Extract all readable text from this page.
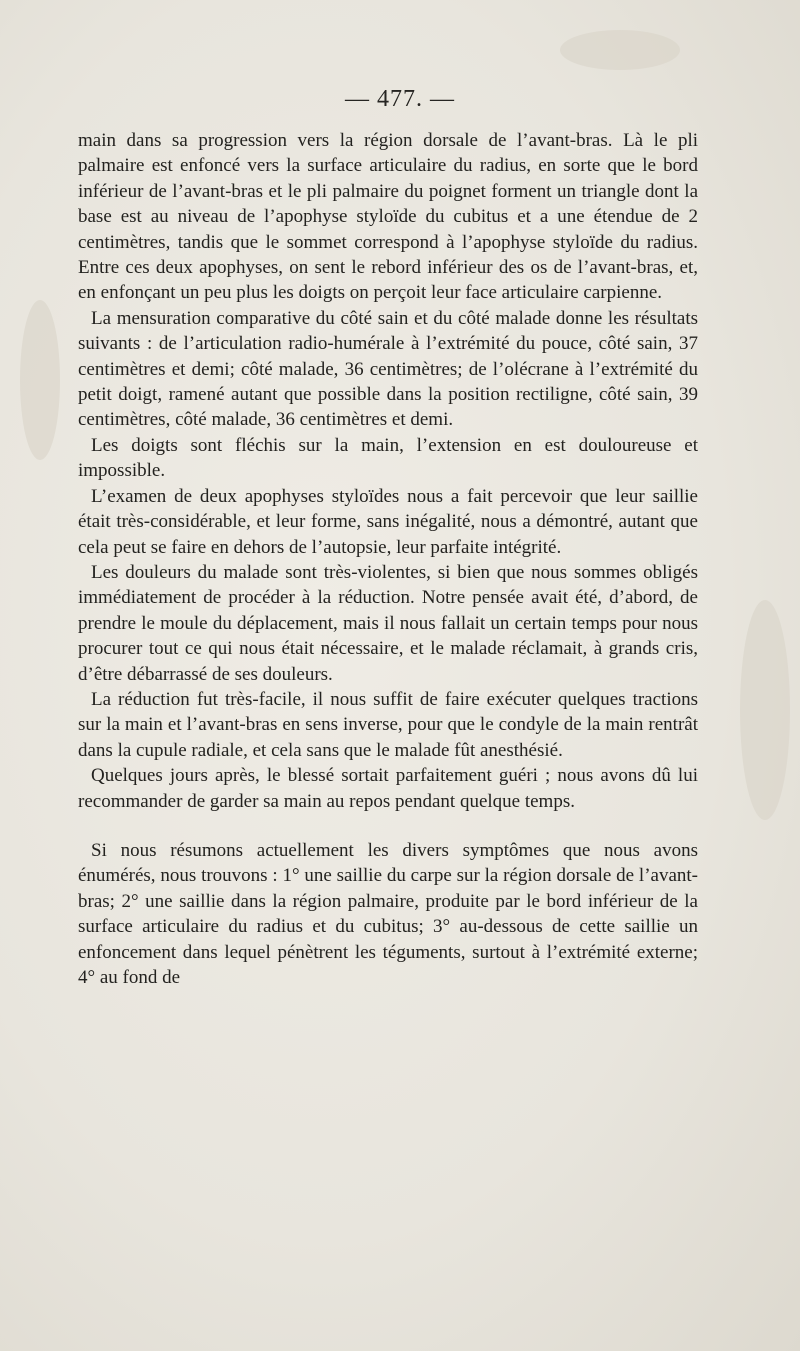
— 477. —

main dans sa progression vers la région dorsale de l’avant-bras. Là le pli palmaire est enfoncé vers la surface articulaire du radius, en sorte que le bord inférieur de l’avant-bras et le pli palmaire du poignet forment un triangle dont la base est au niveau de l’apophyse styloïde du cubitus et a une étendue de 2 centimètres, tandis que le sommet correspond à l’apophyse styloïde du radius. Entre ces deux apophyses, on sent le rebord inférieur des os de l’avant-bras, et, en enfonçant un peu plus les doigts on perçoit leur face articulaire carpienne.

La mensuration comparative du côté sain et du côté malade donne les résultats suivants : de l’articulation radio-humérale à l’extrémité du pouce, côté sain, 37 centimètres et demi; côté malade, 36 centimètres; de l’olécrane à l’extrémité du petit doigt, ramené autant que possible dans la position rectiligne, côté sain, 39 centimètres, côté malade, 36 centimètres et demi.

Les doigts sont fléchis sur la main, l’extension en est douloureuse et impossible.

L’examen de deux apophyses styloïdes nous a fait percevoir que leur saillie était très-considérable, et leur forme, sans inégalité, nous a démontré, autant que cela peut se faire en dehors de l’autopsie, leur parfaite intégrité.

Les douleurs du malade sont très-violentes, si bien que nous sommes obligés immédiatement de procéder à la réduction. Notre pensée avait été, d’abord, de prendre le moule du déplacement, mais il nous fallait un certain temps pour nous procurer tout ce qui nous était nécessaire, et le malade réclamait, à grands cris, d’être débarrassé de ses douleurs.

La réduction fut très-facile, il nous suffit de faire exécuter quelques tractions sur la main et l’avant-bras en sens inverse, pour que le condyle de la main rentrât dans la cupule radiale, et cela sans que le malade fût anesthésié.

Quelques jours après, le blessé sortait parfaitement guéri ; nous avons dû lui recommander de garder sa main au repos pendant quelque temps.

Si nous résumons actuellement les divers symptômes que nous avons énumérés, nous trouvons : 1° une saillie du carpe sur la région dorsale de l’avant-bras; 2° une saillie dans la région palmaire, produite par le bord inférieur de la surface articulaire du radius et du cubitus; 3° au-dessous de cette saillie un enfoncement dans lequel pénètrent les téguments, surtout à l’extrémité externe; 4° au fond de
